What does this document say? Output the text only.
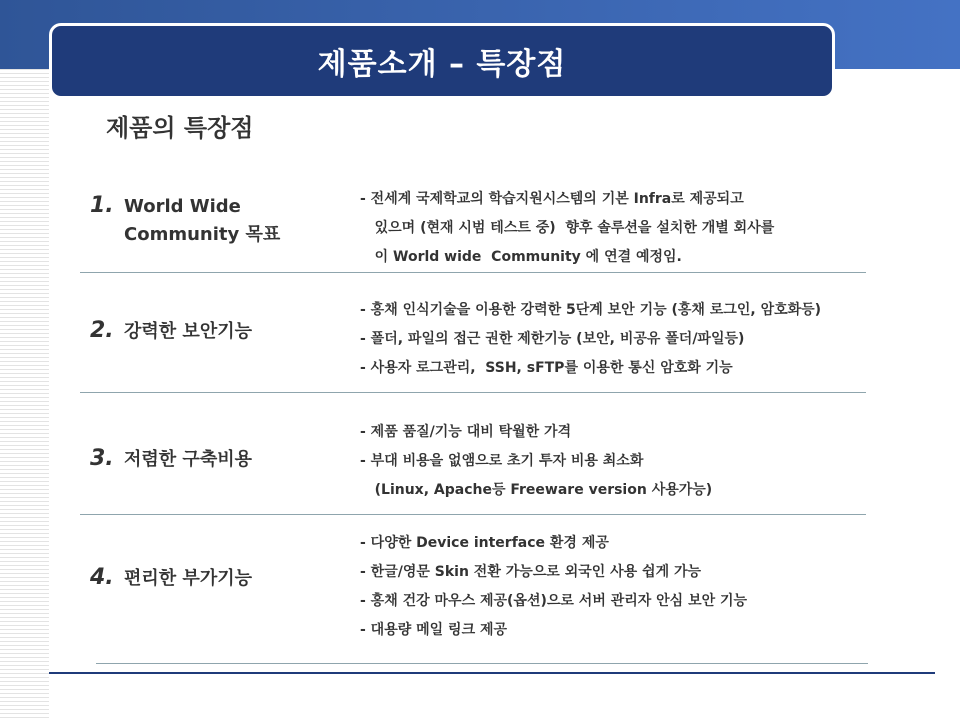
제품소개 – 특장점
제품의 특장점
1. World Wide
Community 목표
- 전세계 국제학교의 학습지원시스템의 기본 Infra로 제공되고
있으며 (현재 시범 테스트 중)  향후 솔루션을 설치한 개별 회사를
이 World wide  Community 에 연결 예정임.
2. 강력한 보안기능
- 홍채 인식기술을 이용한 강력한 5단계 보안 기능 (홍채 로그인, 암호화등)
- 폴더, 파일의 접근 권한 제한기능 (보안, 비공유 폴더/파일등)
- 사용자 로그관리,  SSH, sFTP를 이용한 통신 암호화 기능
3. 저렴한 구축비용
- 제품 품질/기능 대비 탁월한 가격
- 부대 비용을 없앰으로 초기 투자 비용 최소화
(Linux, Apache등 Freeware version 사용가능)
4. 편리한 부가기능
- 다양한 Device interface 환경 제공
- 한글/영문 Skin 전환 가능으로 외국인 사용 쉽게 가능
- 홍채 건강 마우스 제공(옵션)으로 서버 관리자 안심 보안 기능
- 대용량 메일 링크 제공
